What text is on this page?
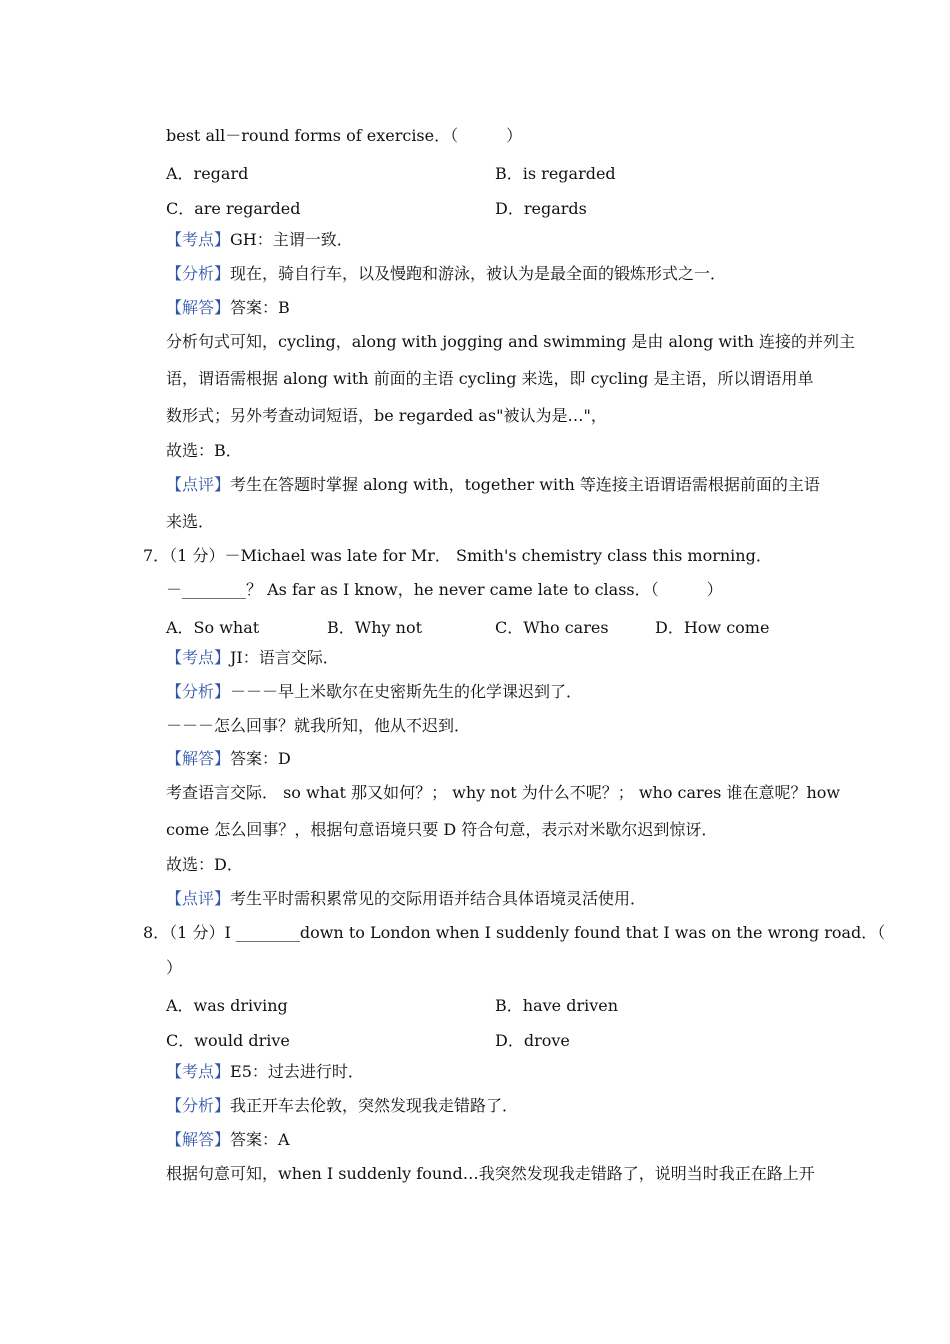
best all－round forms of exercise．（　　　）
A．regard	B．is regarded
C．are regarded	D．regards
【考点】GH：主谓一致．
【分析】现在，骑自行车，以及慢跑和游泳，被认为是最全面的锻炼形式之一．
【解答】答案：B
分析句式可知，cycling，along with jogging and swimming 是由 along with 连接的并列主
语，谓语需根据 along with 前面的主语 cycling 来选，即 cycling 是主语，所以谓语用单
数形式；另外考查动词短语，be regarded as"被认为是…"，
故选：B．
【点评】考生在答题时掌握 along with，together with 等连接主语谓语需根据前面的主语
来选．
7．（1 分）－Michael was late for Mr． Smith's chemistry class this morning．
－________？ As far as I know，he never came late to class．（　　　）
A．So what	B．Why not	C．Who cares	D．How come
【考点】JI：语言交际．
【分析】－－－早上米歇尔在史密斯先生的化学课迟到了．
－－－怎么回事？就我所知，他从不迟到．
【解答】答案：D
考查语言交际． so what 那又如何？； why not 为什么不呢？； who cares 谁在意呢？how
come 怎么回事？，根据句意语境只要 D 符合句意，表示对米歇尔迟到惊讶．
故选：D．
【点评】考生平时需积累常见的交际用语并结合具体语境灵活使用．
8．（1 分）I ________down to London when I suddenly found that I was on the wrong road．（
）
A．was driving	B．have driven
C．would drive	D．drove
【考点】E5：过去进行时．
【分析】我正开车去伦敦，突然发现我走错路了．
【解答】答案：A
根据句意可知，when I suddenly found…我突然发现我走错路了，说明当时我正在路上开
